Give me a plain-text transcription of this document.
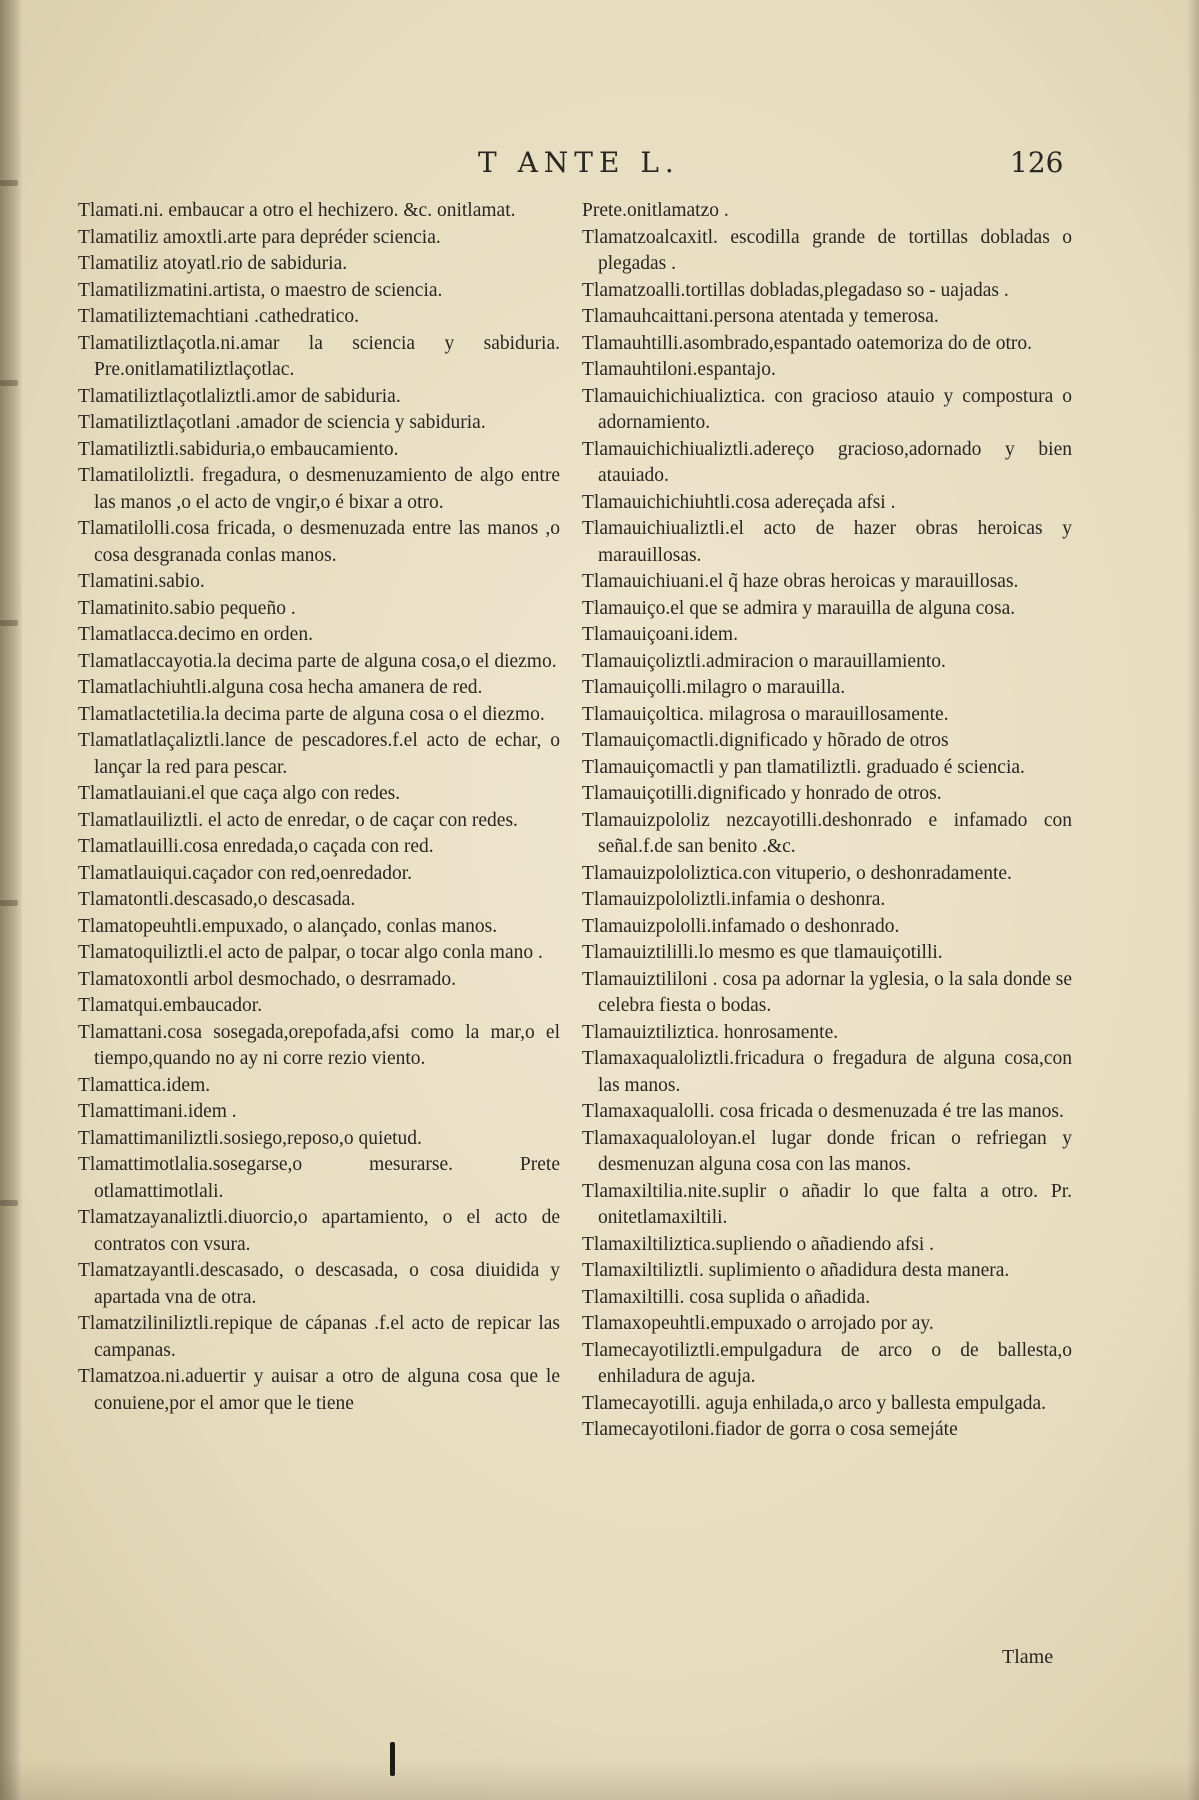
T ANTE L.	126

Tlamati.ni. embaucar a otro el hechizero. &c. onitlamat.

Tlamatiliz amoxtli.arte para depréder sciencia.

Tlamatiliz atoyatl.rio de sabiduria.

Tlamatilizmatini.artista, o maestro de sciencia.

Tlamatiliztemachtiani .cathedratico.

Tlamatiliztlaçotla.ni.amar la sciencia y sabiduria. Pre.onitlamatiliztlaçotlac.

Tlamatiliztlaçotlaliztli.amor de sabiduria.

Tlamatiliztlaçotlani .amador de sciencia y sabiduria.

Tlamatiliztli.sabiduria,o embaucamiento.

Tlamatiloliztli. fregadura, o desmenuzamiento de algo entre las manos ,o el acto de vngir,o é bixar a otro.

Tlamatilolli.cosa fricada, o desmenuzada entre las manos ,o cosa desgranada conlas manos.

Tlamatini.sabio.

Tlamatinito.sabio pequeño .

Tlamatlacca.decimo en orden.

Tlamatlaccayotia.la decima parte de alguna cosa,o el diezmo.

Tlamatlachiuhtli.alguna cosa hecha amanera de red.

Tlamatlactetilia.la decima parte de alguna cosa o el diezmo.

Tlamatlatlaçaliztli.lance de pescadores.f.el acto de echar, o lançar la red para pescar.

Tlamatlauiani.el que caça algo con redes.

Tlamatlauiliztli. el acto de enredar, o de caçar con redes.

Tlamatlauilli.cosa enredada,o caçada con red.

Tlamatlauiqui.caçador con red,oenredador.

Tlamatontli.descasado,o descasada.

Tlamatopeuhtli.empuxado, o alançado, conlas manos.

Tlamatoquiliztli.el acto de palpar, o tocar algo conla mano .

Tlamatoxontli arbol desmochado, o desrramado.

Tlamatqui.embaucador.

Tlamattani.cosa sosegada,orepofada,afsi como la mar,o el tiempo,quando no ay ni corre rezio viento.

Tlamattica.idem.

Tlamattimani.idem .

Tlamattimaniliztli.sosiego,reposo,o quietud.

Tlamattimotlalia.sosegarse,o mesurarse. Prete otlamattimotlali.

Tlamatzayanaliztli.diuorcio,o apartamiento, o el acto de contratos con vsura.

Tlamatzayantli.descasado, o descasada, o cosa diuidida y apartada vna de otra.

Tlamatziliniliztli.repique de cápanas .f.el acto de repicar las campanas.

Tlamatzoa.ni.aduertir y auisar a otro de alguna cosa que le conuiene,por el amor que le tiene

Prete.onitlamatzo .

Tlamatzoalcaxitl. escodilla grande de tortillas dobladas o plegadas .

Tlamatzoalli.tortillas dobladas,plegadaso so - uajadas .

Tlamauhcaittani.persona atentada y temerosa.

Tlamauhtilli.asombrado,espantado oatemoriza do de otro.

Tlamauhtiloni.espantajo.

Tlamauichichiualiztica. con gracioso atauio y compostura o adornamiento.

Tlamauichichiualiztli.adereço gracioso,adornado y bien atauiado.

Tlamauichichiuhtli.cosa adereçada afsi .

Tlamauichiualiztli.el acto de hazer obras heroicas y marauillosas.

Tlamauichiuani.el q̃ haze obras heroicas y marauillosas.

Tlamauiço.el que se admira y marauilla de alguna cosa.

Tlamauiçoani.idem.

Tlamauiçoliztli.admiracion o marauillamiento.

Tlamauiçolli.milagro o marauilla.

Tlamauiçoltica. milagrosa o marauillosamente.

Tlamauiçomactli.dignificado y hõrado de otros

Tlamauiçomactli y pan tlamatiliztli. graduado é sciencia.

Tlamauiçotilli.dignificado y honrado de otros.

Tlamauizpololiz nezcayotilli.deshonrado e infamado con señal.f.de san benito .&c.

Tlamauizpololiztica.con vituperio, o deshonradamente.

Tlamauizpololiztli.infamia o deshonra.

Tlamauizpololli.infamado o deshonrado.

Tlamauiztililli.lo mesmo es que tlamauiçotilli.

Tlamauiztililoni . cosa pa adornar la yglesia, o la sala donde se celebra fiesta o bodas.

Tlamauiztiliztica. honrosamente.

Tlamaxaqualoliztli.fricadura o fregadura de alguna cosa,con las manos.

Tlamaxaqualolli. cosa fricada o desmenuzada é tre las manos.

Tlamaxaqualoloyan.el lugar donde frican o refriegan y desmenuzan alguna cosa con las manos.

Tlamaxiltilia.nite.suplir o añadir lo que falta a otro. Pr. onitetlamaxiltili.

Tlamaxiltiliztica.supliendo o añadiendo afsi .

Tlamaxiltiliztli. suplimiento o añadidura desta manera.

Tlamaxiltilli. cosa suplida o añadida.

Tlamaxopeuhtli.empuxado o arrojado por ay.

Tlamecayotiliztli.empulgadura de arco o de ballesta,o enhiladura de aguja.

Tlamecayotilli. aguja enhilada,o arco y ballesta empulgada.

Tlamecayotiloni.fiador de gorra o cosa semejáte

Tlame
